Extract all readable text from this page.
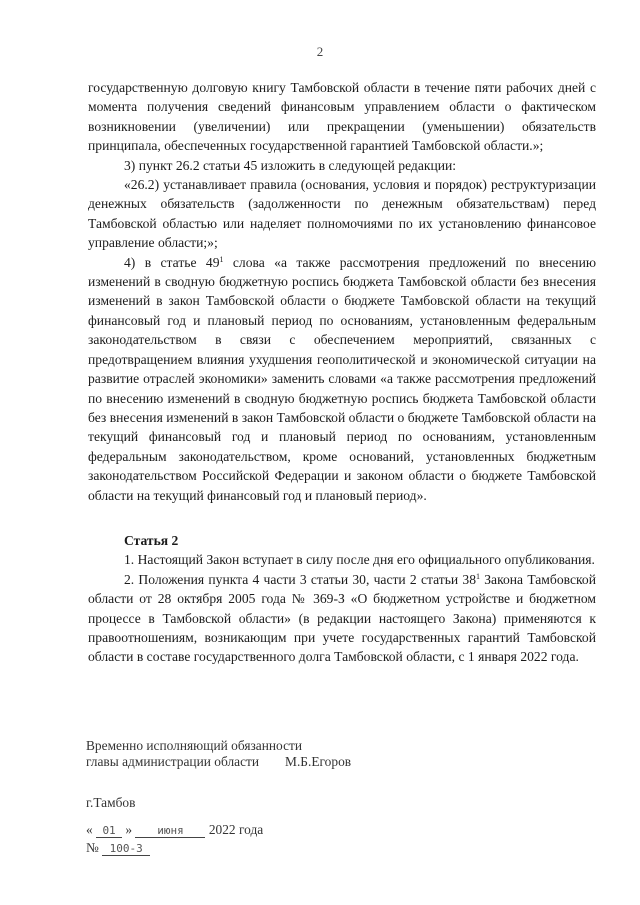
2

государственную долговую книгу Тамбовской области в течение пяти рабочих дней с момента получения сведений финансовым управлением области о фактическом возникновении (увеличении) или прекращении (уменьшении) обязательств принципала, обеспеченных государственной гарантией Тамбовской области.»;

3) пункт 26.2 статьи 45 изложить в следующей редакции:

«26.2) устанавливает правила (основания, условия и порядок) реструктуризации денежных обязательств (задолженности по денежным обязательствам) перед Тамбовской областью или наделяет полномочиями по их установлению финансовое управление области;»;

4) в статье $49^1$ слова «а также рассмотрения предложений по внесению изменений в сводную бюджетную роспись бюджета Тамбовской области без внесения изменений в закон Тамбовской области о бюджете Тамбовской области на текущий финансовый год и плановый период по основаниям, установленным федеральным законодательством в связи с обеспечением мероприятий, связанных с предотвращением влияния ухудшения геополитической и экономической ситуации на развитие отраслей экономики» заменить словами «а также рассмотрения предложений по внесению изменений в сводную бюджетную роспись бюджета Тамбовской области без внесения изменений в закон Тамбовской области о бюджете Тамбовской области на текущий финансовый год и плановый период по основаниям, установленным федеральным законодательством, кроме оснований, установленных бюджетным законодательством Российской Федерации и законом области о бюджете Тамбовской области на текущий финансовый год и плановый период».

Статья 2

1. Настоящий Закон вступает в силу после дня его официального опубликования.

2. Положения пункта 4 части 3 статьи 30, части 2 статьи $38^1$ Закона Тамбовской области от 28 октября 2005 года № 369-З «О бюджетном устройстве и бюджетном процессе в Тамбовской области» (в редакции настоящего Закона) применяются к правоотношениям, возникающим при учете государственных гарантий Тамбовской области в составе государственного долга Тамбовской области, с 1 января 2022 года.

Временно исполняющий обязанности
главы администрации области М.Б.Егоров
г.Тамбов
« 01 » июня 2022 года
№ 100-З
